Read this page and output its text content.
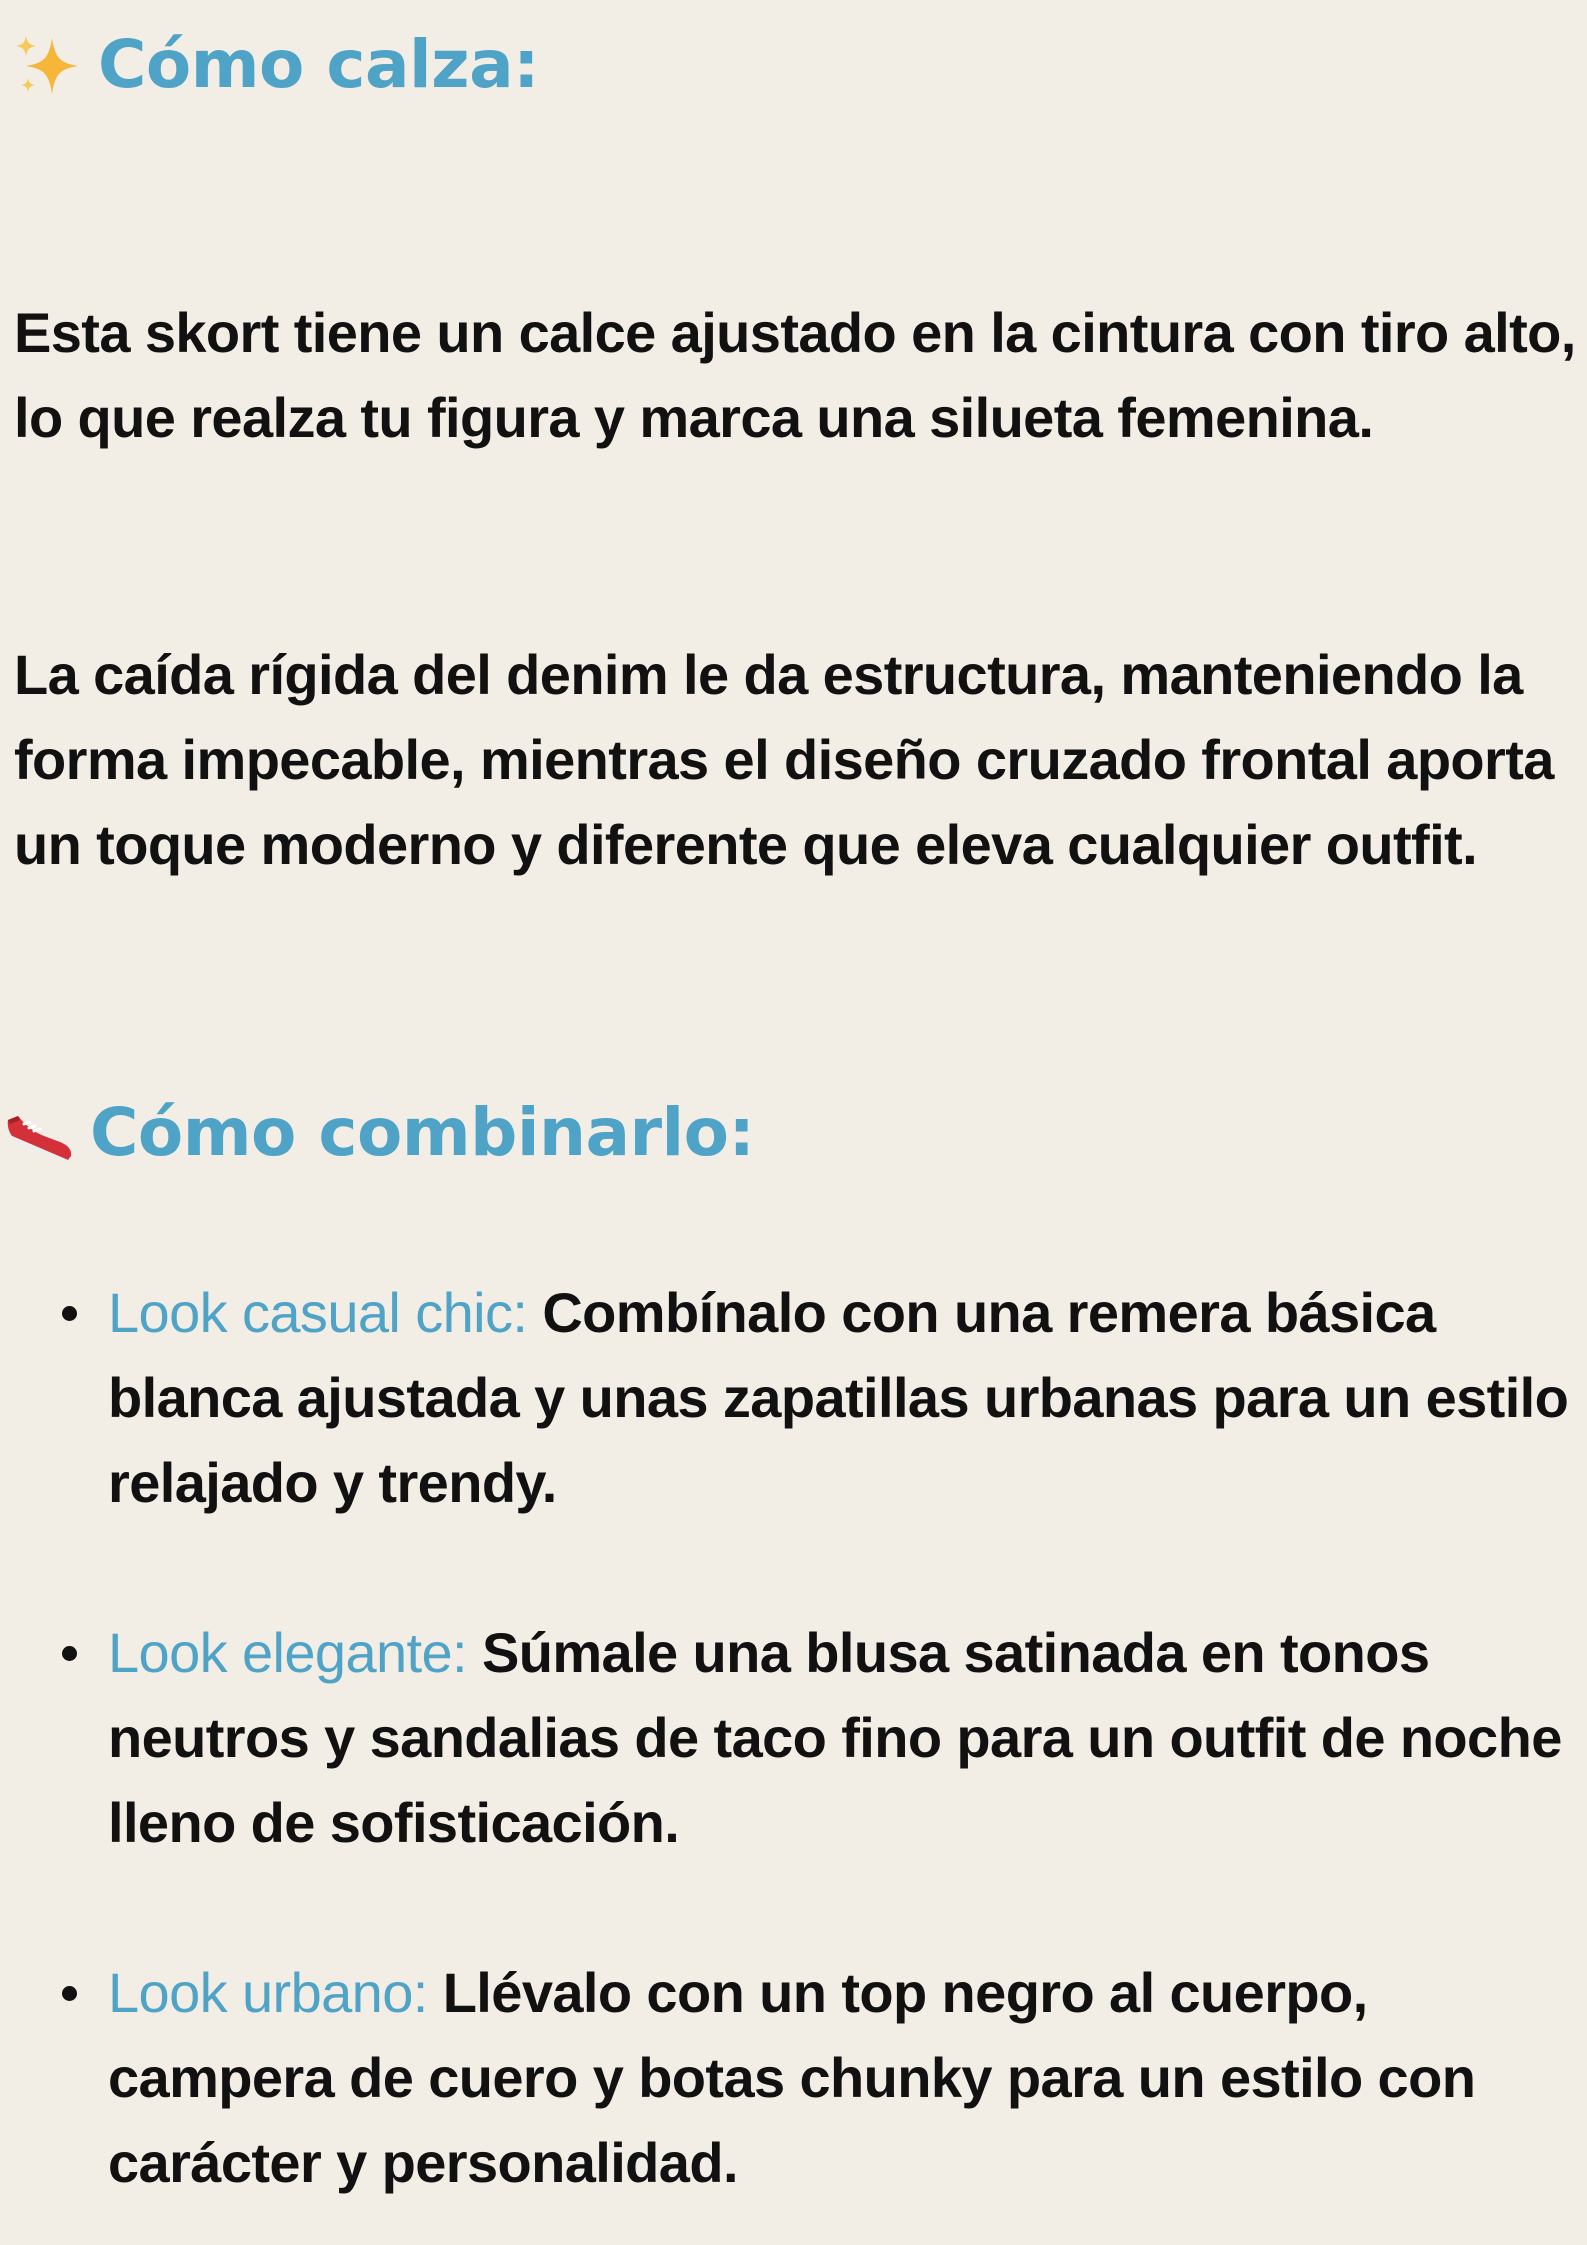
Cómo calza:

Esta skort tiene un calce ajustado en la cintura con tiro alto, lo que realza tu figura y marca una silueta femenina.

La caída rígida del denim le da estructura, manteniendo la forma impecable, mientras el diseño cruzado frontal aporta un toque moderno y diferente que eleva cualquier outfit.

Cómo combinarlo:

Look casual chic: Combínalo con una remera básica blanca ajustada y unas zapatillas urbanas para un estilo relajado y trendy.

Look elegante: Súmale una blusa satinada en tonos neutros y sandalias de taco fino para un outfit de noche lleno de sofisticación.

Look urbano: Llévalo con un top negro al cuerpo, campera de cuero y botas chunky para un estilo con carácter y personalidad.
